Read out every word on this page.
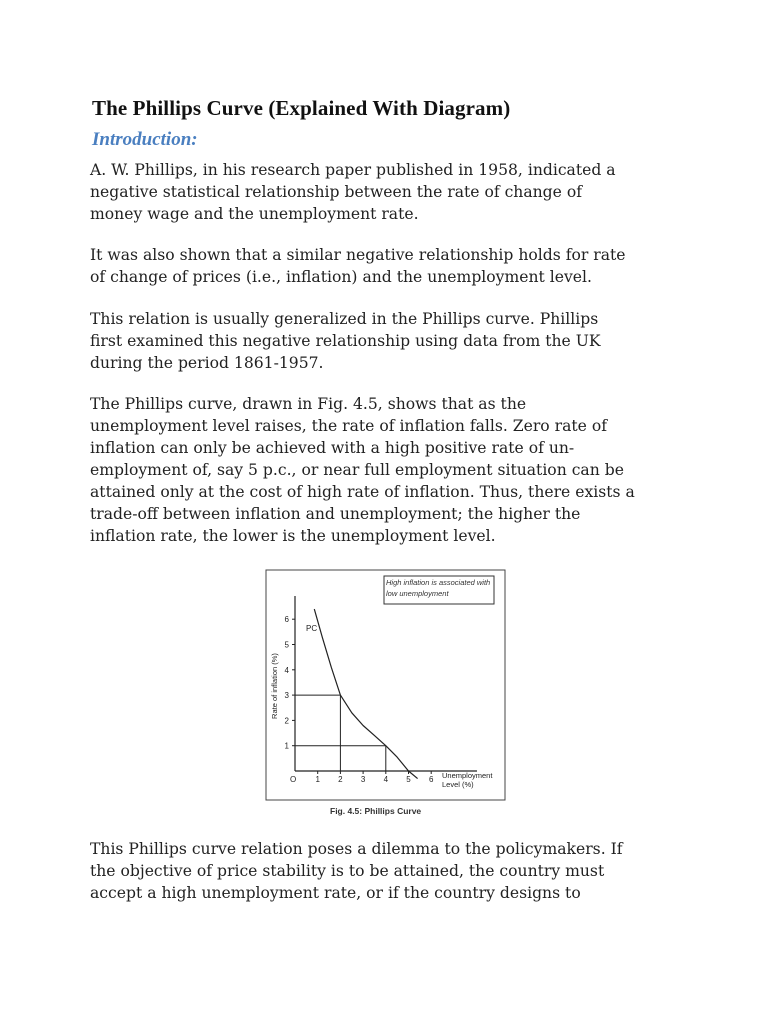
The Phillips Curve (Explained With Diagram)
Introduction:

A. W. Phillips, in his research paper published in 1958, indicated a
negative statistical relationship between the rate of change of
money wage and the unemployment rate.

It was also shown that a similar negative relationship holds for rate
of change of prices (i.e., inflation) and the unemployment level.

This relation is usually generalized in the Phillips curve. Phillips
first examined this negative relationship using data from the UK
during the period 1861-1957.

The Phillips curve, drawn in Fig. 4.5, shows that as the
unemployment level raises, the rate of inflation falls. Zero rate of
inflation can only be achieved with a high positive rate of un-
employment of, say 5 p.c., or near full employment situation can be
attained only at the cost of high rate of inflation. Thus, there exists a
trade-off between inflation and unemployment; the higher the
inflation rate, the lower is the unemployment level.

1 2 3 4 5 6
1
2
3
4
5
6
Rate of inflation (%)
High inflation is associated with low unemployment
PC
O	Unemployment Level (%)
Fig. 4.5: Phillips Curve

This Phillips curve relation poses a dilemma to the policymakers. If
the objective of price stability is to be attained, the country must
accept a high unemployment rate, or if the country designs to
